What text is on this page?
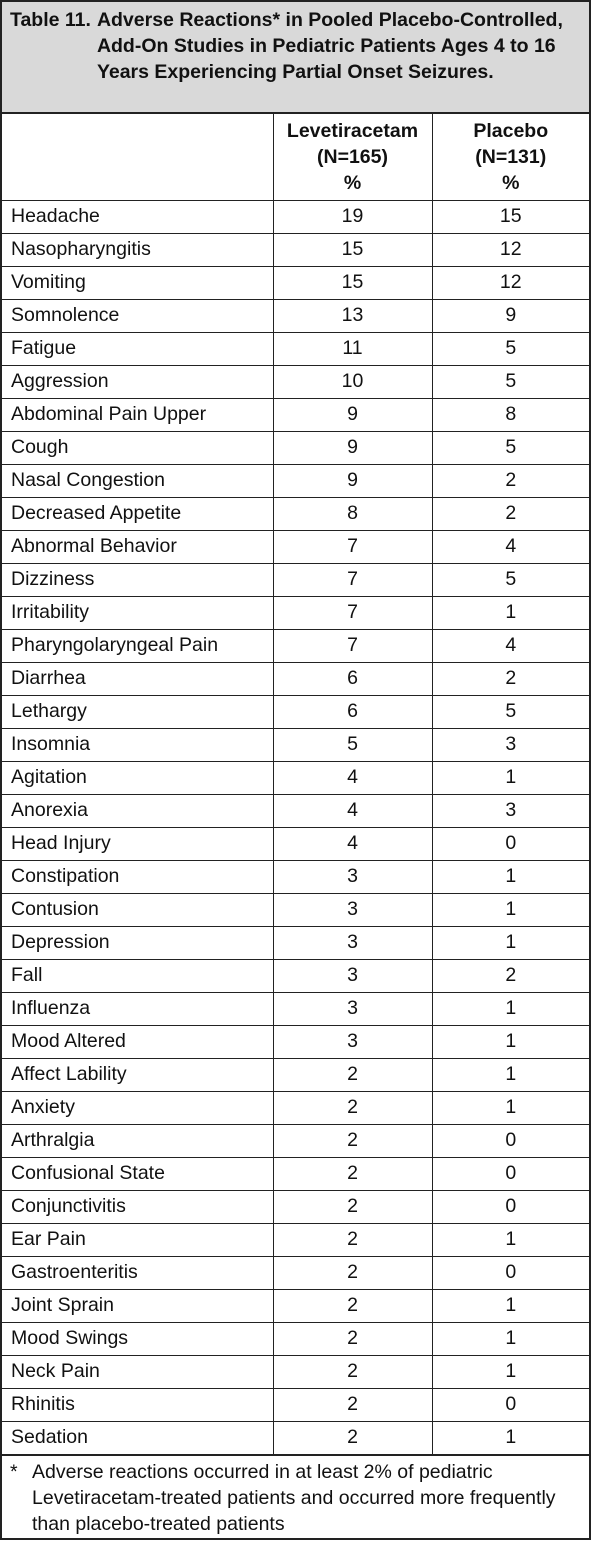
Table 11. Adverse Reactions* in Pooled Placebo-Controlled, Add-On Studies in Pediatric Patients Ages 4 to 16 Years Experiencing Partial Onset Seizures.

	Levetiracetam
(N=165)
%	Placebo
(N=131)
%

Headache	19	15
Nasopharyngitis	15	12
Vomiting	15	12
Somnolence	13	9
Fatigue	11	5
Aggression	10	5
Abdominal Pain Upper	9	8
Cough	9	5
Nasal Congestion	9	2
Decreased Appetite	8	2
Abnormal Behavior	7	4
Dizziness	7	5
Irritability	7	1
Pharyngolaryngeal Pain	7	4
Diarrhea	6	2
Lethargy	6	5
Insomnia	5	3
Agitation	4	1
Anorexia	4	3
Head Injury	4	0
Constipation	3	1
Contusion	3	1
Depression	3	1
Fall	3	2
Influenza	3	1
Mood Altered	3	1
Affect Lability	2	1
Anxiety	2	1
Arthralgia	2	0
Confusional State	2	0
Conjunctivitis	2	0
Ear Pain	2	1
Gastroenteritis	2	0
Joint Sprain	2	1
Mood Swings	2	1
Neck Pain	2	1
Rhinitis	2	0
Sedation	2	1
* Adverse reactions occurred in at least 2% of pediatric Levetiracetam-treated patients and occurred more frequently than placebo-treated patients
